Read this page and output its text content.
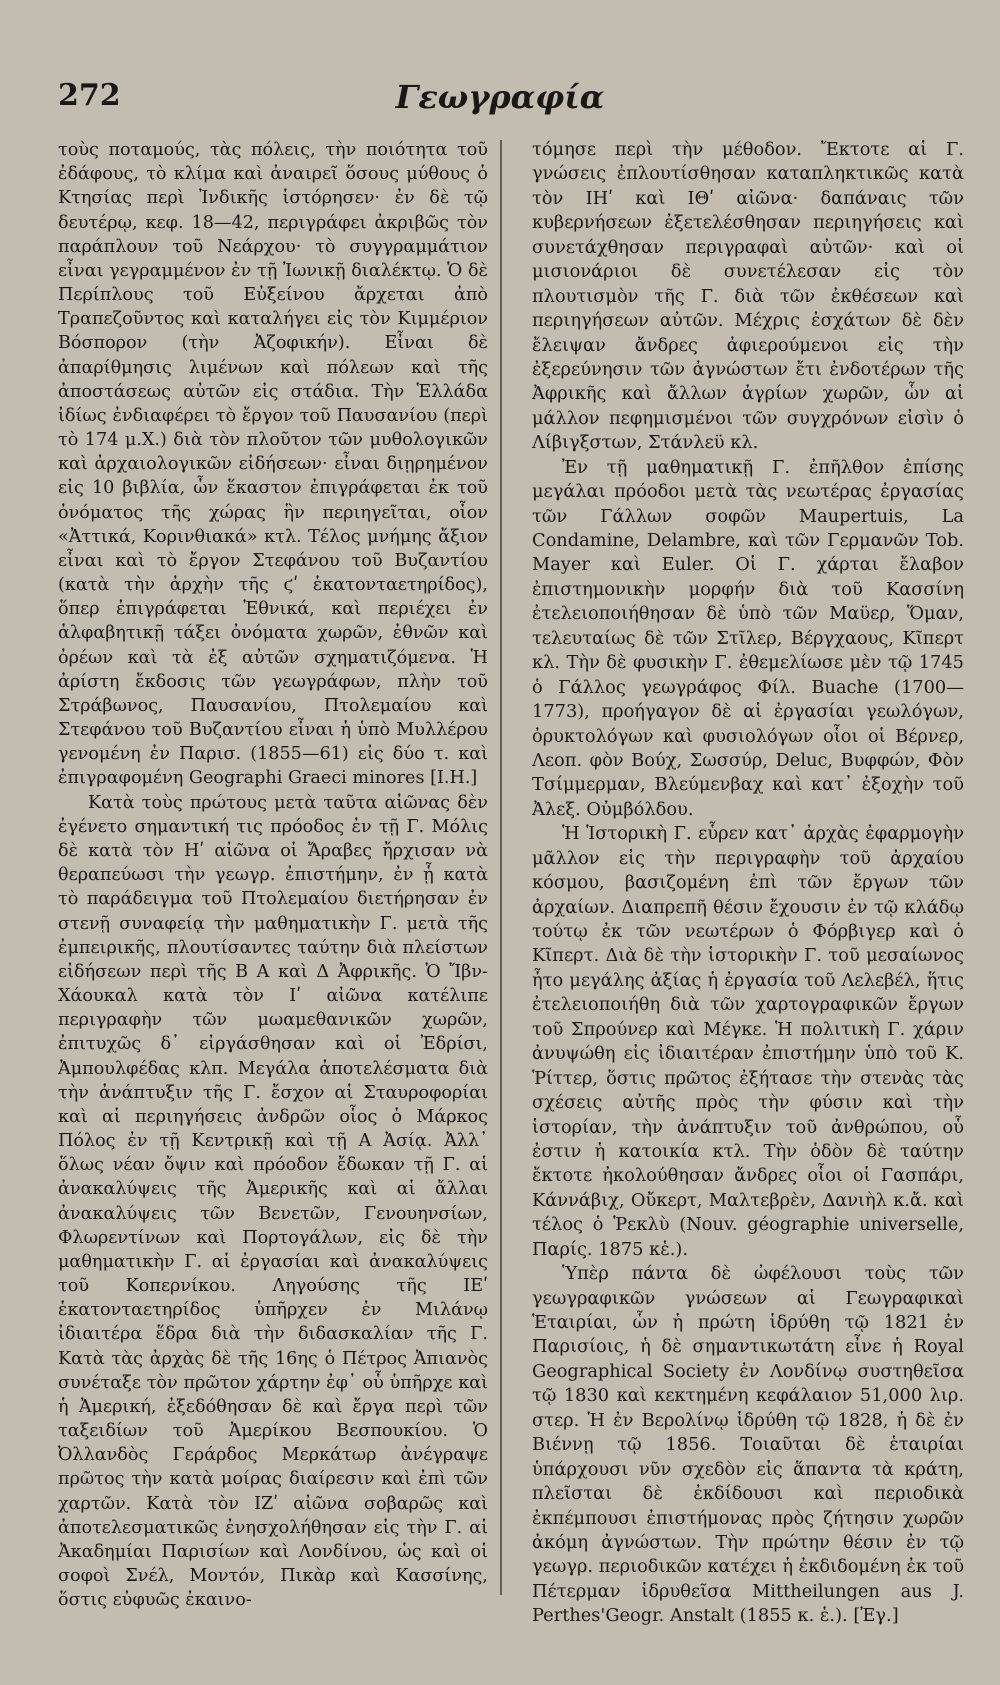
272	Γεωγραφία

τοὺς ποταμούς, τὰς πόλεις, τὴν ποιότητα τοῦ ἐδάφους, τὸ κλίμα καὶ ἀναιρεῖ ὅσους μύθους ὁ Κτησίας περὶ Ἰνδικῆς ἱστόρησεν· ἐν δὲ τῷ δευτέρῳ, κεφ. 18—42, περιγράφει ἀκριβῶς τὸν παράπλουν τοῦ Νεάρχου· τὸ συγγραμμάτιον εἶναι γεγραμμένον ἐν τῇ Ἰωνικῇ διαλέκτῳ. Ὁ δὲ Περίπλους τοῦ Εὐξείνου ἄρχεται ἀπὸ Τραπεζοῦντος καὶ καταλήγει εἰς τὸν Κιμμέριον Βόσπορον (τὴν Ἀζοφικήν). Εἶναι δὲ ἀπαρίθμησις λιμένων καὶ πόλεων καὶ τῆς ἀποστάσεως αὐτῶν εἰς στάδια. Τὴν Ἑλλάδα ἰδίως ἐνδιαφέρει τὸ ἔργον τοῦ Παυσανίου (περὶ τὸ 174 μ.Χ.) διὰ τὸν πλοῦτον τῶν μυθολογικῶν καὶ ἀρχαιολογικῶν εἰδήσεων· εἶναι διῃρημένον εἰς 10 βιβλία, ὧν ἕκαστον ἐπιγράφεται ἐκ τοῦ ὀνόματος τῆς χώρας ἣν περιηγεῖται, οἷον «Ἀττικά, Κορινθιακά» κτλ. Τέλος μνήμης ἄξιον εἶναι καὶ τὸ ἔργον Στεφάνου τοῦ Βυζαντίου (κατὰ τὴν ἀρχὴν τῆς ϛʹ ἑκατονταετηρίδος), ὅπερ ἐπιγράφεται Ἐθνικά, καὶ περιέχει ἐν ἀλφαβητικῇ τάξει ὀνόματα χωρῶν, ἐθνῶν καὶ ὀρέων καὶ τὰ ἐξ αὐτῶν σχηματιζόμενα. Ἡ ἀρίστη ἔκδοσις τῶν γεωγράφων, πλὴν τοῦ Στράβωνος, Παυσανίου, Πτολεμαίου καὶ Στεφάνου τοῦ Βυζαντίου εἶναι ἡ ὑπὸ Μυλλέρου γενομένη ἐν Παρισ. (1855—61) εἰς δύο τ. καὶ ἐπιγραφομένη Geographi Graeci minores [Ι.Η.]

Κατὰ τοὺς πρώτους μετὰ ταῦτα αἰῶνας δὲν ἐγένετο σημαντική τις πρόοδος ἐν τῇ Γ. Μόλις δὲ κατὰ τὸν Ηʹ αἰῶνα οἱ Ἄραβες ἤρχισαν νὰ θεραπεύωσι τὴν γεωγρ. ἐπιστήμην, ἐν ᾗ κατὰ τὸ παράδειγμα τοῦ Πτολεμαίου διετήρησαν ἐν στενῇ συναφείᾳ τὴν μαθηματικὴν Γ. μετὰ τῆς ἐμπειρικῆς, πλουτίσαντες ταύτην διὰ πλείστων εἰδήσεων περὶ τῆς Β Α καὶ Δ Ἀφρικῆς. Ὁ Ἴβν-Χάουκαλ κατὰ τὸν Ιʹ αἰῶνα κατέλιπε περιγραφὴν τῶν μωαμεθανικῶν χωρῶν, ἐπιτυχῶς δ᾽ εἰργάσθησαν καὶ οἱ Ἐδρίσι, Ἀμπουλφέδας κλπ. Μεγάλα ἀποτελέσματα διὰ τὴν ἀνάπτυξιν τῆς Γ. ἔσχον αἱ Σταυροφορίαι καὶ αἱ περιηγήσεις ἀνδρῶν οἷος ὁ Μάρκος Πόλος ἐν τῇ Κεντρικῇ καὶ τῇ Α Ἀσίᾳ. Ἀλλ᾽ ὅλως νέαν ὄψιν καὶ πρόοδον ἔδωκαν τῇ Γ. αἱ ἀνακαλύψεις τῆς Ἀμερικῆς καὶ αἱ ἄλλαι ἀνακαλύψεις τῶν Βενετῶν, Γενουηνσίων, Φλωρεντίνων καὶ Πορτογάλων, εἰς δὲ τὴν μαθηματικὴν Γ. αἱ ἐργασίαι καὶ ἀνακαλύψεις τοῦ Κοπερνίκου. Ληγούσης τῆς ΙΕʹ ἑκατονταετηρίδος ὑπῆρχεν ἐν Μιλάνῳ ἰδιαιτέρα ἕδρα διὰ τὴν διδασκαλίαν τῆς Γ. Κατὰ τὰς ἀρχὰς δὲ τῆς 16ης ὁ Πέτρος Ἀπιανὸς συνέταξε τὸν πρῶτον χάρτην ἐφ᾽ οὗ ὑπῆρχε καὶ ἡ Ἀμερική, ἐξεδόθησαν δὲ καὶ ἔργα περὶ τῶν ταξειδίων τοῦ Ἀμερίκου Βεσπουκίου. Ὁ Ὀλλανδὸς Γεράρδος Μερκάτωρ ἀνέγραψε πρῶτος τὴν κατὰ μοίρας διαίρεσιν καὶ ἐπὶ τῶν χαρτῶν. Κατὰ τὸν ΙΖʹ αἰῶνα σοβαρῶς καὶ ἀποτελεσματικῶς ἐνησχολήθησαν εἰς τὴν Γ. αἱ Ἀκαδημίαι Παρισίων καὶ Λονδίνου, ὡς καὶ οἱ σοφοὶ Σνέλ, Μοντόν, Πικὰρ καὶ Κασσίνης, ὅστις εὐφυῶς ἐκαινο-

τόμησε περὶ τὴν μέθοδον. Ἔκτοτε αἱ Γ. γνώσεις ἐπλουτίσθησαν καταπληκτικῶς κατὰ τὸν ΙΗʹ καὶ ΙΘʹ αἰῶνα· δαπάναις τῶν κυβερνήσεων ἐξετελέσθησαν περιηγήσεις καὶ συνετάχθησαν περιγραφαὶ αὐτῶν· καὶ οἱ μισιονάριοι δὲ συνετέλεσαν εἰς τὸν πλουτισμὸν τῆς Γ. διὰ τῶν ἐκθέσεων καὶ περιηγήσεων αὐτῶν. Μέχρις ἐσχάτων δὲ δὲν ἔλειψαν ἄνδρες ἀφιερούμενοι εἰς τὴν ἐξερεύνησιν τῶν ἀγνώστων ἔτι ἐνδοτέρων τῆς Ἀφρικῆς καὶ ἄλλων ἀγρίων χωρῶν, ὧν αἱ μάλλον πεφημισμένοι τῶν συγχρόνων εἰσὶν ὁ Λίβιγξστων, Στάνλεϋ κλ.

Ἐν τῇ μαθηματικῇ Γ. ἐπῆλθον ἐπίσης μεγάλαι πρόοδοι μετὰ τὰς νεωτέρας ἐργασίας τῶν Γάλλων σοφῶν Maupertuis, La Condamine, Delambre, καὶ τῶν Γερμανῶν Tob. Mayer καὶ Euler. Οἱ Γ. χάρται ἔλαβον ἐπιστημονικὴν μορφήν διὰ τοῦ Κασσίνη ἐτελειοποιήθησαν δὲ ὑπὸ τῶν Μαϋερ, Ὅμαν, τελευταίως δὲ τῶν Στῖλερ, Βέργχαους, Κῖπερτ κλ. Τὴν δὲ φυσικὴν Γ. ἐθεμελίωσε μὲν τῷ 1745 ὁ Γάλλος γεωγράφος Φίλ. Buache (1700—1773), προήγαγον δὲ αἱ ἐργασίαι γεωλόγων, ὀρυκτολόγων καὶ φυσιολόγων οἷοι οἱ Βέρνερ, Λεοπ. φὸν Βούχ, Σωσσύρ, Deluc, Βυφφών, Φὸν Τσίμμερμαν, Βλεύμενβαχ καὶ κατ᾽ ἐξοχὴν τοῦ Ἀλεξ. Οὐμβόλδου.

Ἡ Ἱστορικὴ Γ. εὗρεν κατ᾽ ἀρχὰς ἐφαρμογὴν μᾶλλον εἰς τὴν περιγραφὴν τοῦ ἀρχαίου κόσμου, βασιζομένη ἐπὶ τῶν ἔργων τῶν ἀρχαίων. Διαπρεπῆ θέσιν ἔχουσιν ἐν τῷ κλάδῳ τούτῳ ἐκ τῶν νεωτέρων ὁ Φόρβιγερ καὶ ὁ Κῖπερτ. Διὰ δὲ τὴν ἱστορικὴν Γ. τοῦ μεσαίωνος ἦτο μεγάλης ἀξίας ἡ ἐργασία τοῦ Λελεβέλ, ἥτις ἐτελειοποιήθη διὰ τῶν χαρτογραφικῶν ἔργων τοῦ Σπρούνερ καὶ Μέγκε. Ἡ πολιτικὴ Γ. χάριν ἀνυψώθη εἰς ἰδιαιτέραν ἐπιστήμην ὑπὸ τοῦ Κ. Ῥίττερ, ὅστις πρῶτος ἐξήτασε τὴν στενὰς τὰς σχέσεις αὐτῆς πρὸς τὴν φύσιν καὶ τὴν ἱστορίαν, τὴν ἀνάπτυξιν τοῦ ἀνθρώπου, οὗ ἐστιν ἡ κατοικία κτλ. Τὴν ὁδὸν δὲ ταύτην ἔκτοτε ἠκολούθησαν ἄνδρες οἷοι οἱ Γασπάρι, Κάννάβιχ, Οὔκερτ, Μαλτεβρὲν, Δανιὴλ κ.ἄ. καὶ τέλος ὁ Ῥεκλὺ (Nouv. géographie universelle, Παρίς. 1875 κἑ.).

Ὑπὲρ πάντα δὲ ὠφέλουσι τοὺς τῶν γεωγραφικῶν γνώσεων αἱ Γεωγραφικαὶ Ἑταιρίαι, ὧν ἡ πρώτη ἱδρύθη τῷ 1821 ἐν Παρισίοις, ἡ δὲ σημαντικωτάτη εἶνε ἡ Royal Geographical Society ἐν Λονδίνῳ συστηθεῖσα τῷ 1830 καὶ κεκτημένη κεφάλαιον 51,000 λιρ. στερ. Ἡ ἐν Βερολίνῳ ἱδρύθη τῷ 1828, ἡ δὲ ἐν Βιέννῃ τῷ 1856. Τοιαῦται δὲ ἑταιρίαι ὑπάρχουσι νῦν σχεδὸν εἰς ἅπαντα τὰ κράτη, πλεῖσται δὲ ἐκδίδουσι καὶ περιοδικὰ ἐκπέμπουσι ἐπιστήμονας πρὸς ζήτησιν χωρῶν ἀκόμη ἀγνώστων. Τὴν πρώτην θέσιν ἐν τῷ γεωγρ. περιοδικῶν κατέχει ἡ ἐκδιδομένη ἐκ τοῦ Πέτερμαν ἱδρυθεῖσα Mittheilungen aus J. Perthes'Geogr. Anstalt (1855 κ. ἑ.). [Ἐγ.]
